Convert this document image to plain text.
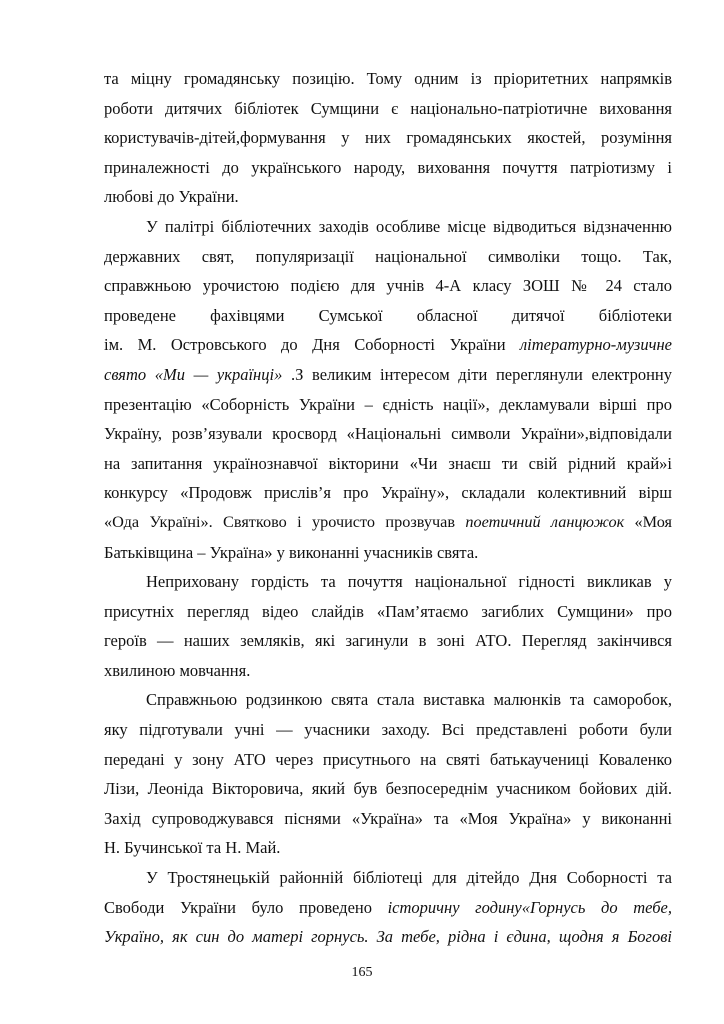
та міцну громадянську позицію. Тому одним із пріоритетних напрямків
роботи дитячих бібліотек Сумщини є національно-патріотичне виховання
користувачів-дітей,формування у них громадянських якостей, розуміння
приналежності до українського народу, виховання почуття патріотизму і
любові до України.
У палітрі бібліотечних заходів особливе місце відводиться відзначенню
державних свят, популяризації національної символіки тощо. Так,
справжньою урочистою подією для учнів 4-А класу ЗОШ № 24 стало
проведене фахівцями Сумської обласної дитячої бібліотеки
ім. М. Островського до Дня Соборності України літературно-музичне
свято «Ми — українці» .З великим інтересом діти переглянули електронну
презентацію «Соборність України – єдність нації», декламували вірші про
Україну, розв’язували кросворд «Національні символи України»,відповідали
на запитання українознавчої вікторини «Чи знаєш ти свій рідний край»і
конкурсу «Продовж прислів’я про Україну», складали колективний вірш
«Ода Україні». Святково і урочисто прозвучав поетичний ланцюжок «Моя
Батьківщина – Україна» у виконанні учасників свята.
Неприховану гордість та почуття національної гідності викликав у
присутніх перегляд відео слайдів «Пам’ятаємо загиблих Сумщини» про
героїв — наших земляків, які загинули в зоні АТО. Перегляд закінчився
хвилиною мовчання.
Справжньою родзинкою свята стала виставка малюнків та саморобок,
яку підготували учні — учасники заходу. Всі представлені роботи були
передані у зону АТО через присутнього на святі батькаучениці Коваленко
Лізи, Леоніда Вікторовича, який був безпосереднім учасником бойових дій.
Захід супроводжувався піснями «Україна» та «Моя Україна» у виконанні
Н. Бучинської та Н. Май.
У Тростянецькій районній бібліотеці для дітейдо Дня Соборності та
Свободи України було проведено історичну годину«Горнусь до тебе,
Україно, як син до матері горнусь. За тебе, рідна і єдина, щодня я Богові
165
